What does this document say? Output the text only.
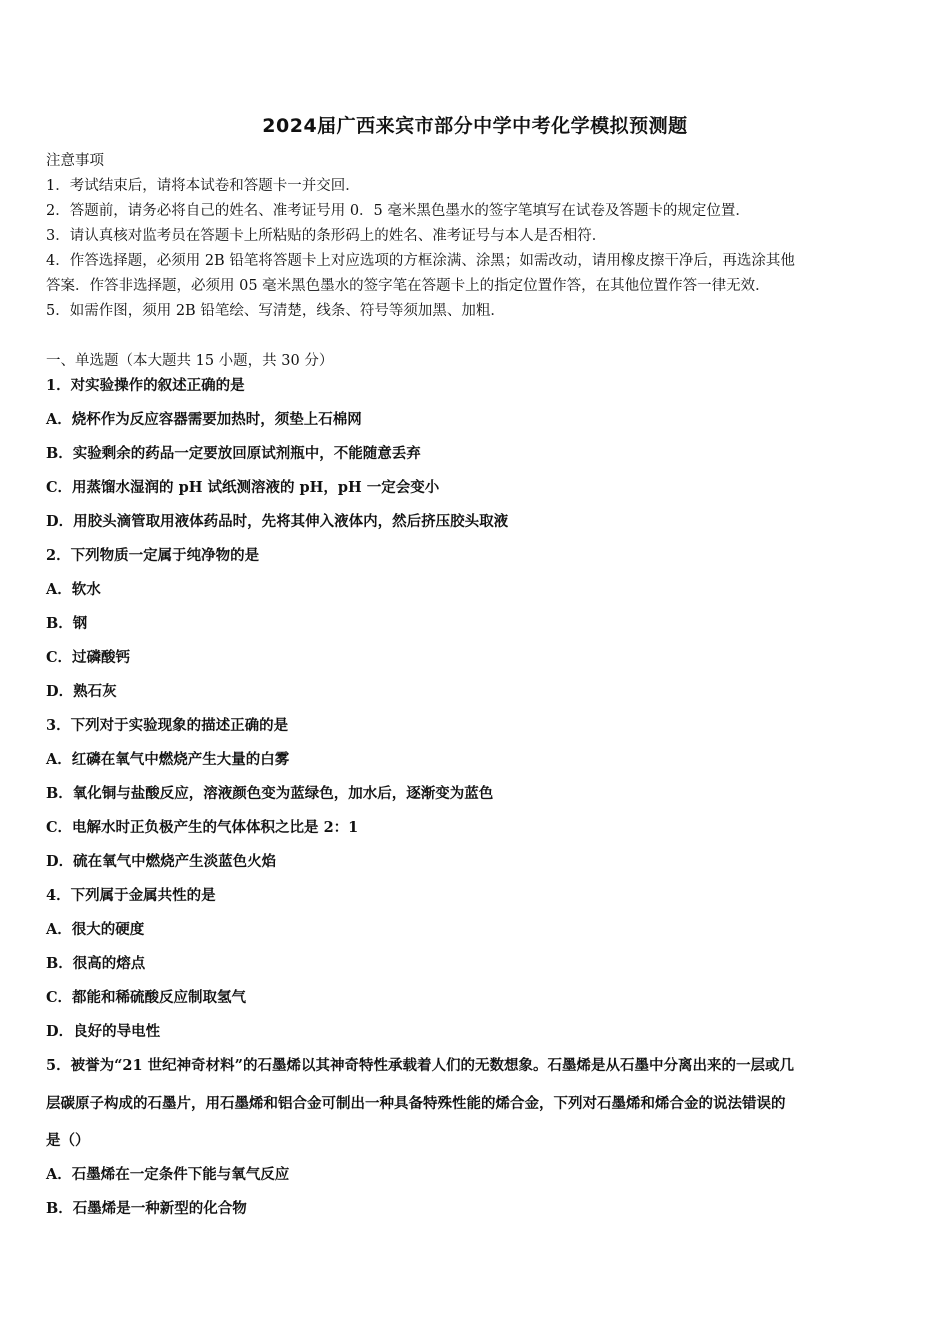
2024届广西来宾市部分中学中考化学模拟预测题
注意事项
1．考试结束后，请将本试卷和答题卡一并交回．
2．答题前，请务必将自己的姓名、准考证号用 0．5 毫米黑色墨水的签字笔填写在试卷及答题卡的规定位置．
3．请认真核对监考员在答题卡上所粘贴的条形码上的姓名、准考证号与本人是否相符．
4．作答选择题，必须用 2B 铅笔将答题卡上对应选项的方框涂满、涂黑；如需改动，请用橡皮擦干净后，再选涂其他
答案．作答非选择题，必须用 05 毫米黑色墨水的签字笔在答题卡上的指定位置作答，在其他位置作答一律无效．
5．如需作图，须用 2B 铅笔绘、写清楚，线条、符号等须加黑、加粗．
一、单选题（本大题共 15 小题，共 30 分）
1．对实验操作的叙述正确的是
A．烧杯作为反应容器需要加热时，须垫上石棉网
B．实验剩余的药品一定要放回原试剂瓶中，不能随意丢弃
C．用蒸馏水湿润的 pH 试纸测溶液的 pH，pH 一定会变小
D．用胶头滴管取用液体药品时，先将其伸入液体内，然后挤压胶头取液
2．下列物质一定属于纯净物的是
A．软水
B．钢
C．过磷酸钙
D．熟石灰
3．下列对于实验现象的描述正确的是
A．红磷在氧气中燃烧产生大量的白雾
B．氧化铜与盐酸反应，溶液颜色变为蓝绿色，加水后，逐渐变为蓝色
C．电解水时正负极产生的气体体积之比是 2：1
D．硫在氧气中燃烧产生淡蓝色火焰
4．下列属于金属共性的是
A．很大的硬度
B．很高的熔点
C．都能和稀硫酸反应制取氢气
D．良好的导电性
5．被誉为“21 世纪神奇材料”的石墨烯以其神奇特性承载着人们的无数想象。石墨烯是从石墨中分离出来的一层或几
层碳原子构成的石墨片，用石墨烯和铝合金可制出一种具备特殊性能的烯合金，下列对石墨烯和烯合金的说法错误的
是（）
A．石墨烯在一定条件下能与氧气反应
B．石墨烯是一种新型的化合物
